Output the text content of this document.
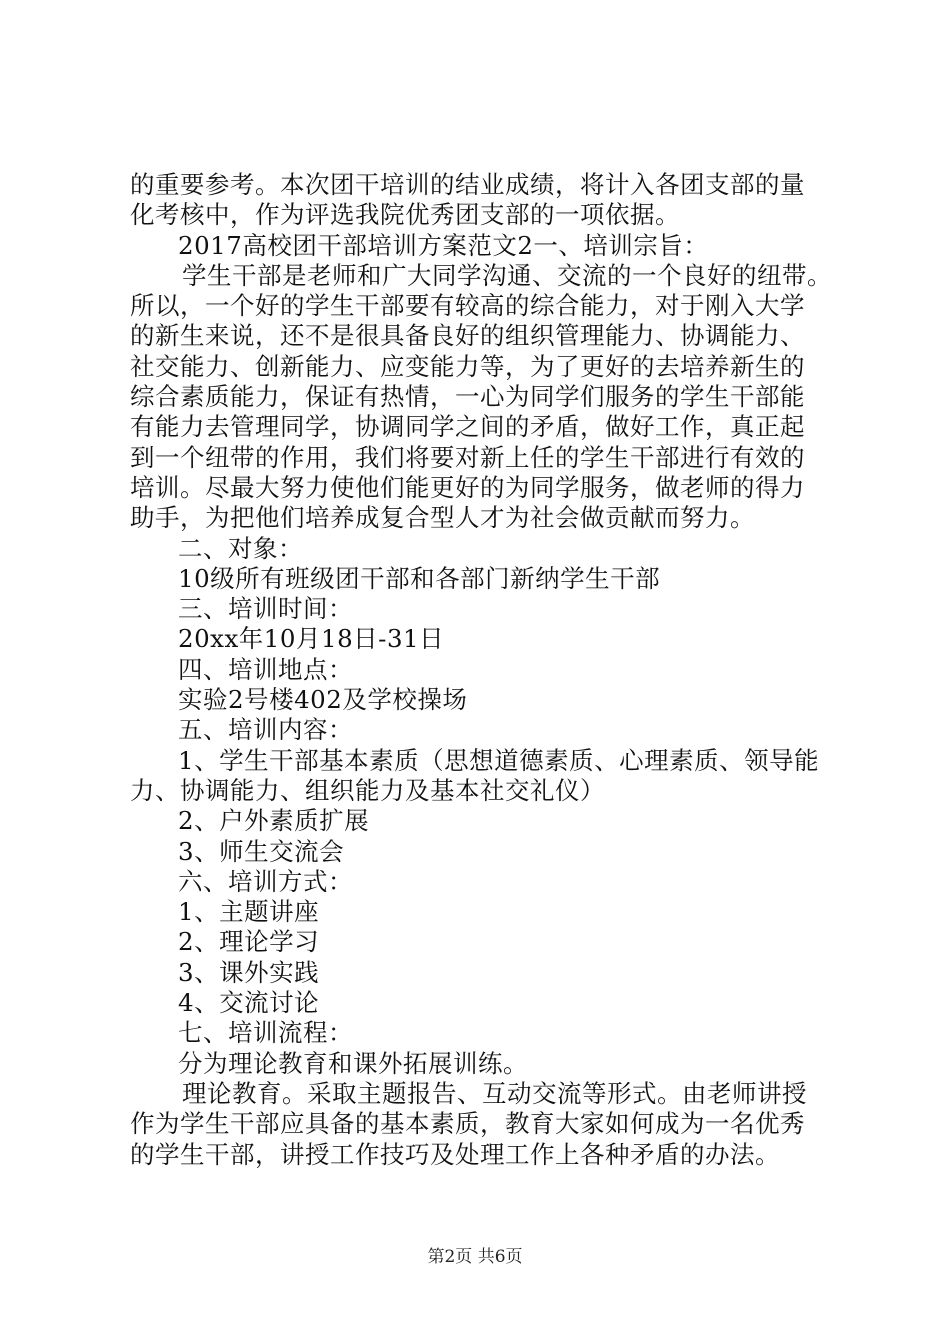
的重要参考。本次团干培训的结业成绩，将计入各团支部的量
化考核中，作为评选我院优秀团支部的一项依据。
2017高校团干部培训方案范文2一、培训宗旨：
学生干部是老师和广大同学沟通、交流的一个良好的纽带。
所以，一个好的学生干部要有较高的综合能力，对于刚入大学
的新生来说，还不是很具备良好的组织管理能力、协调能力、
社交能力、创新能力、应变能力等，为了更好的去培养新生的
综合素质能力，保证有热情，一心为同学们服务的学生干部能
有能力去管理同学，协调同学之间的矛盾，做好工作，真正起
到一个纽带的作用，我们将要对新上任的学生干部进行有效的
培训。尽最大努力使他们能更好的为同学服务，做老师的得力
助手，为把他们培养成复合型人才为社会做贡献而努力。
二、对象：
10级所有班级团干部和各部门新纳学生干部
三、培训时间：
20xx年10月18日-31日
四、培训地点：
实验2号楼402及学校操场
五、培训内容：
1、学生干部基本素质（思想道德素质、心理素质、领导能
力、协调能力、组织能力及基本社交礼仪）
2、户外素质扩展
3、师生交流会
六、培训方式：
1、主题讲座
2、理论学习
3、课外实践
4、交流讨论
七、培训流程：
分为理论教育和课外拓展训练。
理论教育。采取主题报告、互动交流等形式。由老师讲授
作为学生干部应具备的基本素质，教育大家如何成为一名优秀
的学生干部，讲授工作技巧及处理工作上各种矛盾的办法。
第2页 共6页
